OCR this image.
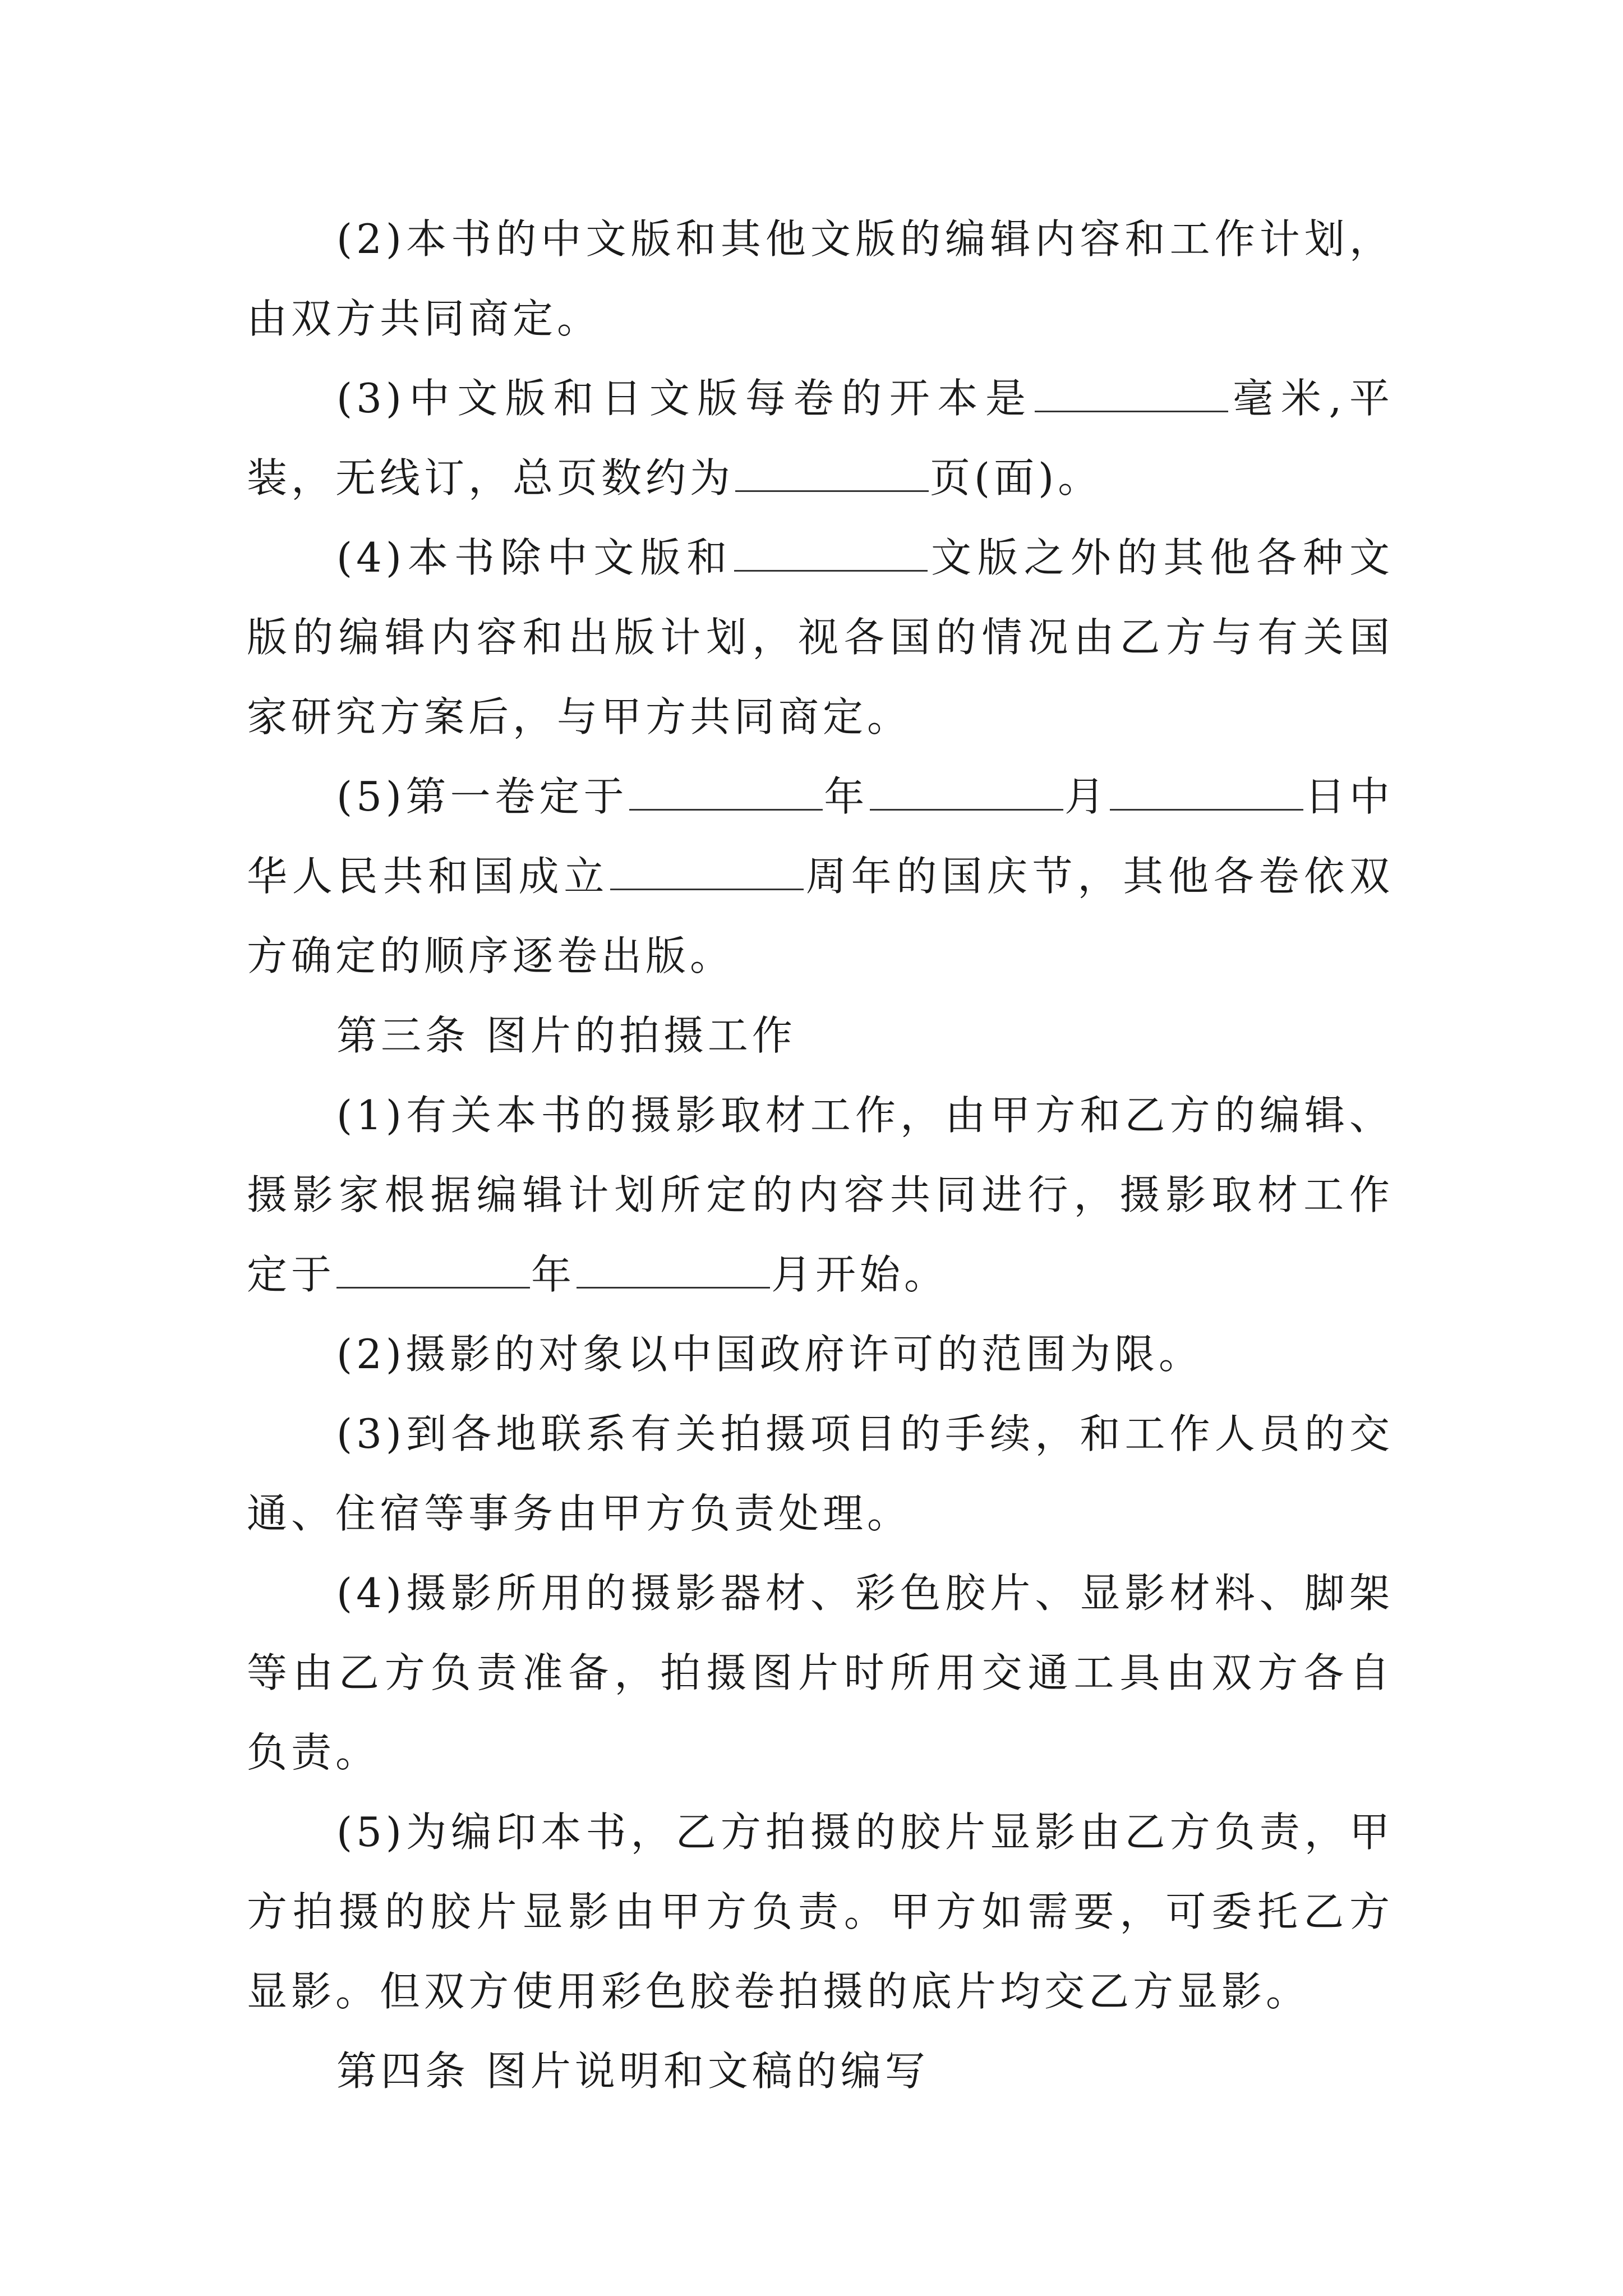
(2)本书的中文版和其他文版的编辑内容和工作计划，由双方共同商定。

(3)中文版和日文版每卷的开本是	毫米,平装，无线订，总页数约为	页(面)。

(4)本书除中文版和	文版之外的其他各种文版的编辑内容和出版计划，视各国的情况由乙方与有关国家研究方案后，与甲方共同商定。

(5)第一卷定于	年	月	日中华人民共和国成立	周年的国庆节，其他各卷依双方确定的顺序逐卷出版。

第三条 图片的拍摄工作

(1)有关本书的摄影取材工作，由甲方和乙方的编辑、摄影家根据编辑计划所定的内容共同进行，摄影取材工作定于	年	月开始。

(2)摄影的对象以中国政府许可的范围为限。

(3)到各地联系有关拍摄项目的手续，和工作人员的交通、住宿等事务由甲方负责处理。

(4)摄影所用的摄影器材、彩色胶片、显影材料、脚架等由乙方负责准备，拍摄图片时所用交通工具由双方各自负责。

(5)为编印本书，乙方拍摄的胶片显影由乙方负责，甲方拍摄的胶片显影由甲方负责。甲方如需要，可委托乙方显影。但双方使用彩色胶卷拍摄的底片均交乙方显影。

第四条 图片说明和文稿的编写
